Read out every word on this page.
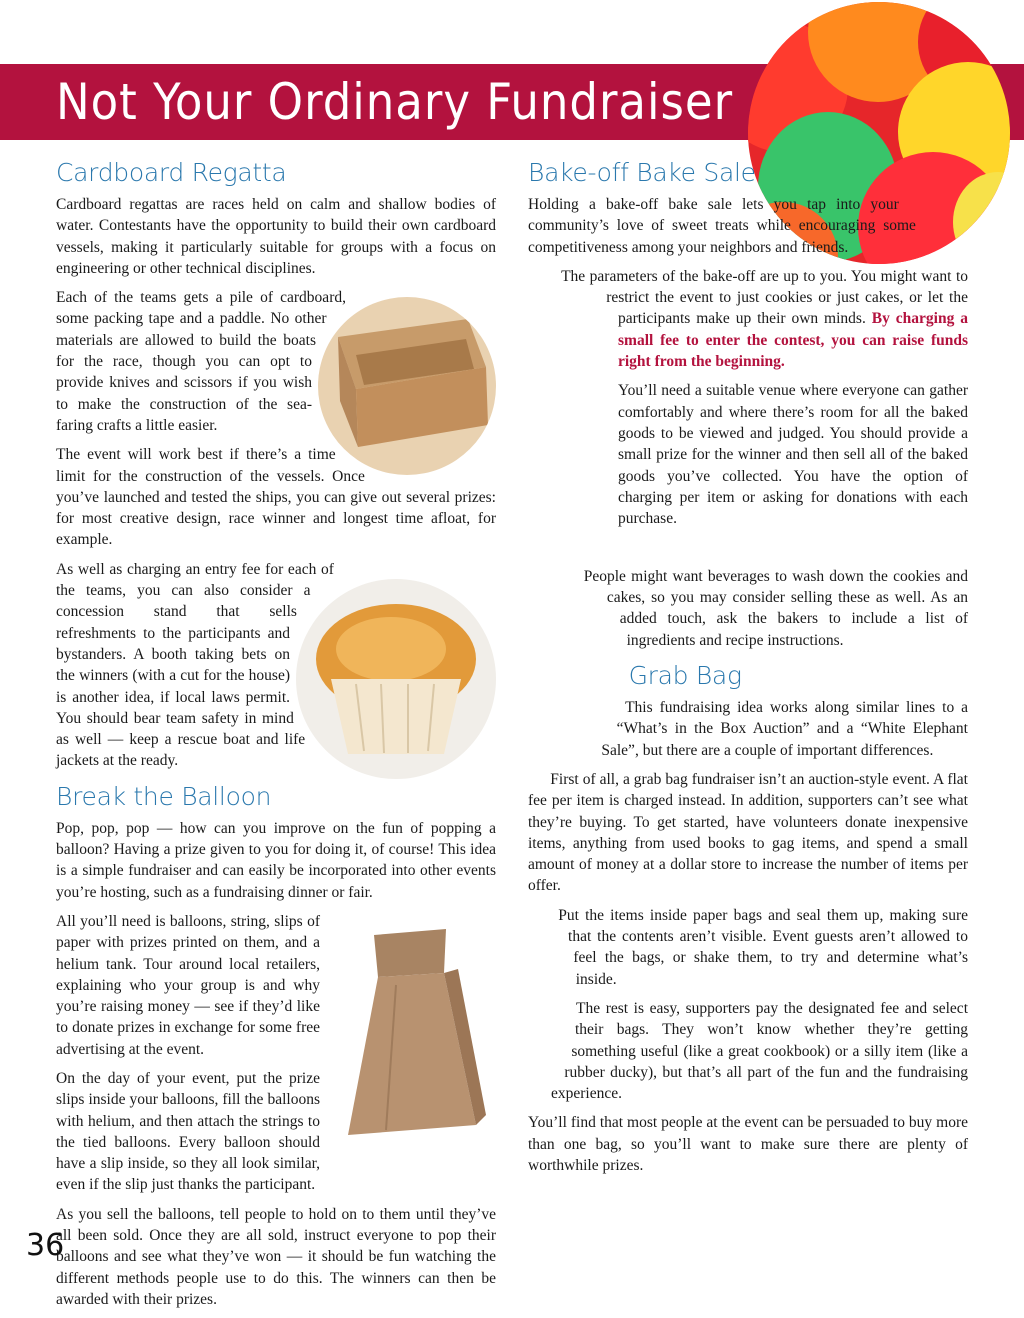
Not Your Ordinary Fundraiser
Cardboard Regatta

Cardboard regattas are races held on calm and shallow bodies of water. Contestants have the opportunity to build their own cardboard vessels, making it particularly suitable for groups with a focus on engineering or other technical disciplines.

Each of the teams gets a pile of cardboard, some packing tape and a paddle. No other materials are allowed to build the boats for the race, though you can opt to provide knives and scissors if you wish to make the construction of the sea-faring crafts a little easier.

The event will work best if there’s a time limit for the construction of the vessels. Once you’ve launched and tested the ships, you can give out several prizes: for most creative design, race winner and longest time afloat, for example.

As well as charging an entry fee for each of the teams, you can also consider a concession stand that sells refreshments to the participants and bystanders. A booth taking bets on the winners (with a cut for the house) is another idea, if local laws permit. You should bear team safety in mind as well — keep a rescue boat and life jackets at the ready.

Break the Balloon

Pop, pop, pop — how can you improve on the fun of popping a balloon? Having a prize given to you for doing it, of course! This idea is a simple fundraiser and can easily be incorporated into other events you’re hosting, such as a fundraising dinner or fair.

All you’ll need is balloons, string, slips of paper with prizes printed on them, and a helium tank. Tour around local retailers, explaining who your group is and why you’re raising money — see if they’d like to donate prizes in exchange for some free advertising at the event.

On the day of your event, put the prize slips inside your balloons, fill the balloons with helium, and then attach the strings to the tied balloons. Every balloon should have a slip inside, so they all look similar, even if the slip just thanks the participant.

As you sell the balloons, tell people to hold on to them until they’ve all been sold. Once they are all sold, instruct everyone to pop their balloons and see what they’ve won — it should be fun watching the different methods people use to do this. The winners can then be awarded with their prizes.

Bake-off Bake Sale

Holding a bake-off bake sale lets you tap into your community’s love of sweet treats while encouraging some competitiveness among your neighbors and friends.

The parameters of the bake-off are up to you. You might want to restrict the event to just cookies or just cakes, or let the participants make up their own minds. By charging a small fee to enter the contest, you can raise funds right from the beginning.

You’ll need a suitable venue where everyone can gather comfortably and where there’s room for all the baked goods to be viewed and judged. You should provide a small prize for the winner and then sell all of the baked goods you’ve collected. You have the option of charging per item or asking for donations with each purchase.

People might want beverages to wash down the cookies and cakes, so you may consider selling these as well. As an added touch, ask the bakers to include a list of ingredients and recipe instructions.

Grab Bag

This fundraising idea works along similar lines to a “What’s in the Box Auction” and a “White Elephant Sale”, but there are a couple of important differences.

First of all, a grab bag fundraiser isn’t an auction-style event. A flat fee per item is charged instead. In addition, supporters can’t see what they’re buying. To get started, have volunteers donate inexpensive items, anything from used books to gag items, and spend a small amount of money at a dollar store to increase the number of items per offer.

Put the items inside paper bags and seal them up, making sure that the contents aren’t visible. Event guests aren’t allowed to feel the bags, or shake them, to try and determine what’s inside.

The rest is easy, supporters pay the designated fee and select their bags. They won’t know whether they’re getting something useful (like a great cookbook) or a silly item (like a rubber ducky), but that’s all part of the fun and the fundraising experience.

You’ll find that most people at the event can be persuaded to buy more than one bag, so you’ll want to make sure there are plenty of worthwhile prizes.

36
